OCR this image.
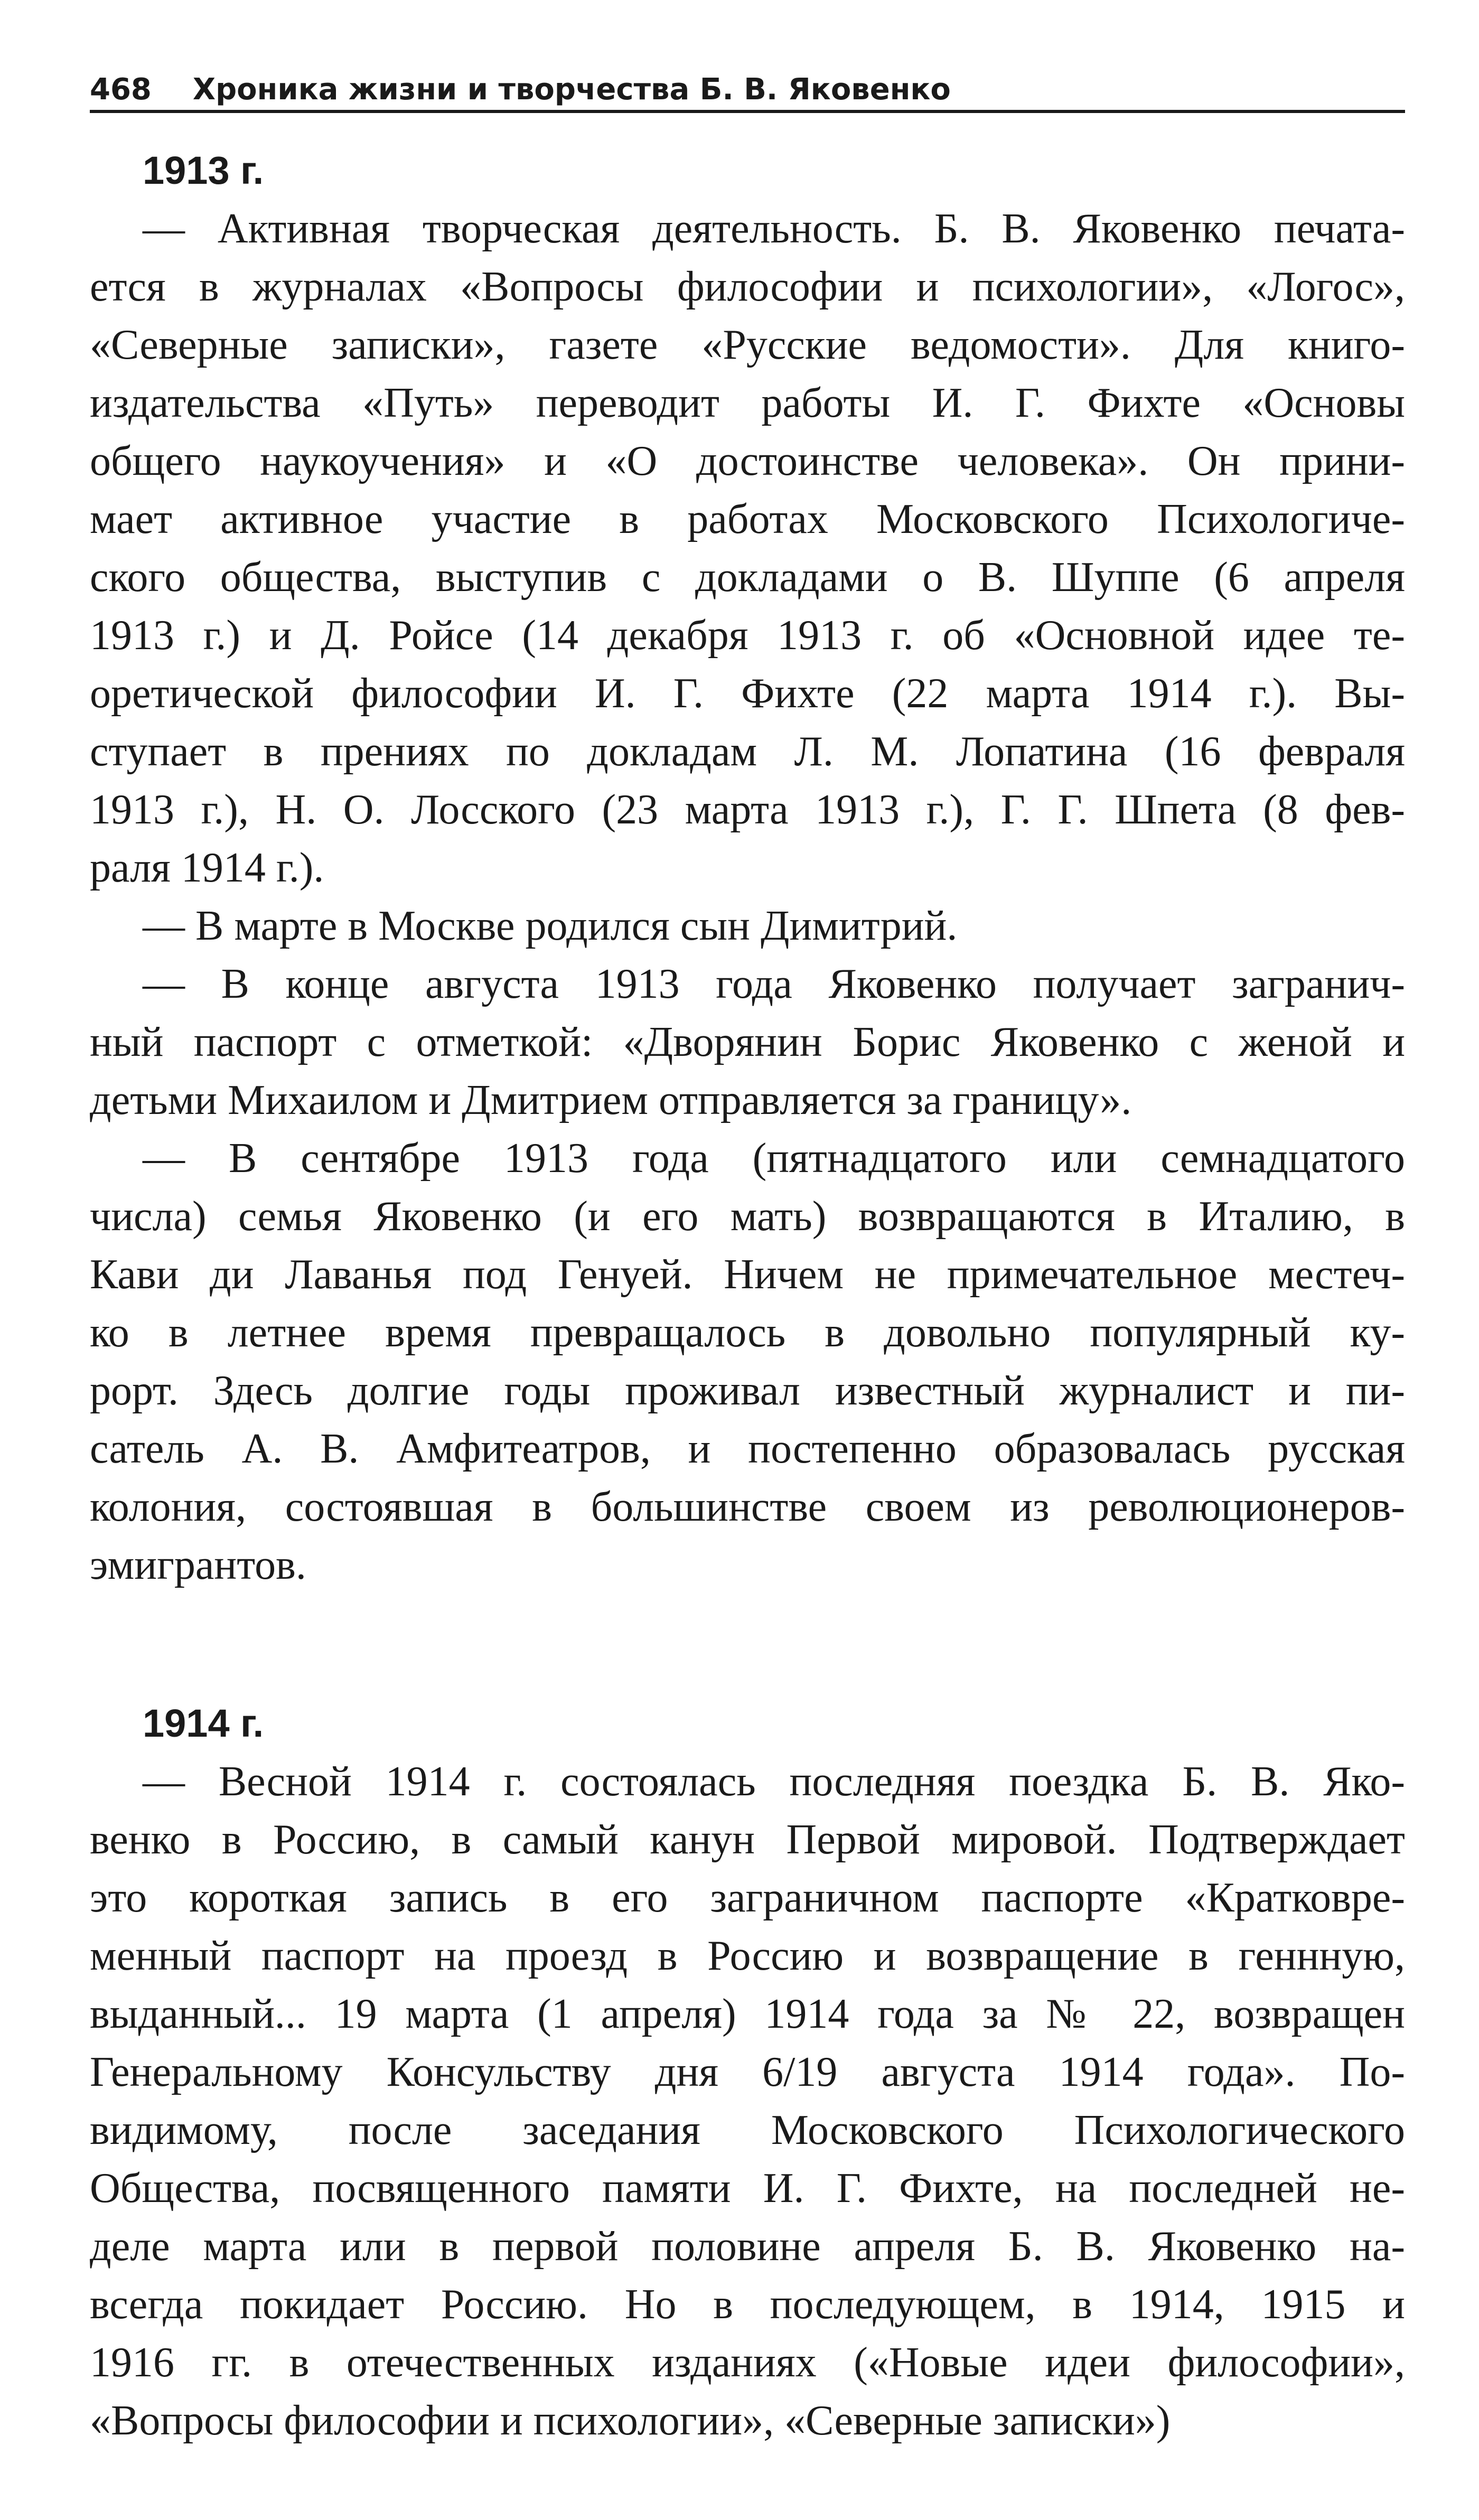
468 Хроника жизни и творчества Б. В. Яковенко
1913 г.
— Активная творческая деятельность. Б. В. Яковенко печата-
ется в журналах «Вопросы философии и психологии», «Логос»,
«Северные записки», газете «Русские ведомости». Для книго-
издательства «Путь» переводит работы И. Г. Фихте «Основы
общего наукоучения» и «О достоинстве человека». Он прини-
мает активное участие в работах Московского Психологиче-
ского общества, выступив с докладами о В. Шуппе (6 апреля
1913 г.) и Д. Ройсе (14 декабря 1913 г. об «Основной идее те-
оретической философии И. Г. Фихте (22 марта 1914 г.). Вы-
ступает в прениях по докладам Л. М. Лопатина (16 февраля
1913 г.), Н. О. Лосского (23 марта 1913 г.), Г. Г. Шпета (8 фев-
раля 1914 г.).
— В марте в Москве родился сын Димитрий.
— В конце августа 1913 года Яковенко получает загранич-
ный паспорт с отметкой: «Дворянин Борис Яковенко с женой и
детьми Михаилом и Дмитрием отправляется за границу».
— В сентябре 1913 года (пятнадцатого или семнадцатого
числа) семья Яковенко (и его мать) возвращаются в Италию, в
Кави ди Лаванья под Генуей. Ничем не примечательное местеч-
ко в летнее время превращалось в довольно популярный ку-
рорт. Здесь долгие годы проживал известный журналист и пи-
сатель А. В. Амфитеатров, и постепенно образовалась русская
колония, состоявшая в большинстве своем из революционеров-
эмигрантов.
1914 г.
— Весной 1914 г. состоялась последняя поездка Б. В. Яко-
венко в Россию, в самый канун Первой мировой. Подтверждает
это короткая запись в его заграничном паспорте «Кратковре-
менный паспорт на проезд в Россию и возвращение в геннную,
выданный... 19 марта (1 апреля) 1914 года за № 22, возвращен
Генеральному Консульству дня 6/19 августа 1914 года». По-
видимому, после заседания Московского Психологического
Общества, посвященного памяти И. Г. Фихте, на последней не-
деле марта или в первой половине апреля Б. В. Яковенко на-
всегда покидает Россию. Но в последующем, в 1914, 1915 и
1916 гг. в отечественных изданиях («Новые идеи философии»,
«Вопросы философии и психологии», «Северные записки»)
